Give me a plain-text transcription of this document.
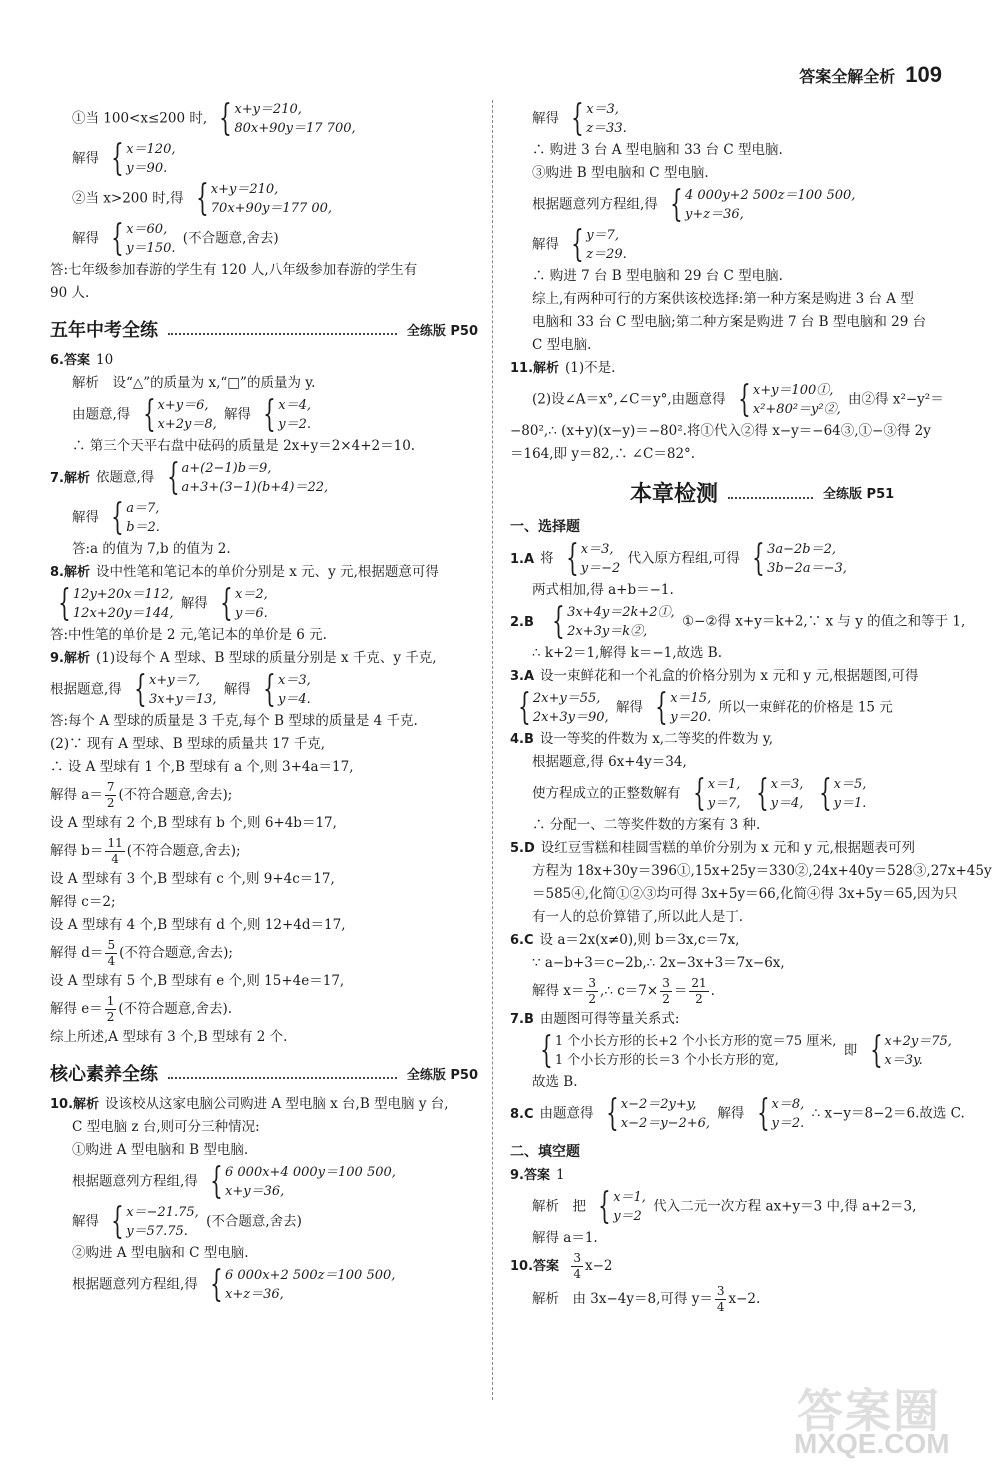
答案全解全析 109
①当 100<x≤200 时, { x+y＝210,
80x+90y＝17 700,
解得 { x＝120,
y＝90.
②当 x>200 时,得 { x+y＝210,
70x+90y＝177 00,
解得 { x＝60,
y＝150.
(不合题意,舍去)
答:七年级参加春游的学生有 120 人,八年级参加春游的学生有
90 人.
五年中考全练	全练版 P50
6.答案 10
解析　设“△”的质量为 x,“□”的质量为 y.
由题意,得 { x+y＝6,
x+2y＝8,
解得 { x＝4,
y＝2.
∴ 第三个天平右盘中砝码的质量是 2x+y＝2×4+2＝10.
7.解析 依题意,得 { a+(2−1)b＝9,
a+3+(3−1)(b+4)＝22,
解得 { a＝7,
b＝2.
答:a 的值为 7,b 的值为 2.
8.解析 设中性笔和笔记本的单价分别是 x 元、y 元,根据题意可得
{ 12y+20x＝112,
12x+20y＝144,
解得 { x＝2,
y＝6.
答:中性笔的单价是 2 元,笔记本的单价是 6 元.
9.解析 (1)设每个 A 型球、B 型球的质量分别是 x 千克、y 千克,
根据题意,得 { x+y＝7,
3x+y＝13,
解得 { x＝3,
y＝4.
答:每个 A 型球的质量是 3 千克,每个 B 型球的质量是 4 千克.
(2)∵ 现有 A 型球、B 型球的质量共 17 千克,
∴ 设 A 型球有 1 个,B 型球有 a 个,则 3+4a＝17,
解得 $a= \frac{7}{2}$ (不符合题意,舍去);
设 A 型球有 2 个,B 型球有 b 个,则 6+4b＝17,
解得 $b= \frac{11}{4}$ (不符合题意,舍去);
设 A 型球有 3 个,B 型球有 c 个,则 9+4c＝17,
解得 c＝2;
设 A 型球有 4 个,B 型球有 d 个,则 12+4d＝17,
解得 $d= \frac{5}{4}$ (不符合题意,舍去);
设 A 型球有 5 个,B 型球有 e 个,则 15+4e＝17,
解得 $e= \frac{1}{2}$ (不符合题意,舍去).
综上所述,A 型球有 3 个,B 型球有 2 个.
核心素养全练	全练版 P50
10.解析 设该校从这家电脑公司购进 A 型电脑 x 台,B 型电脑 y 台,
C 型电脑 z 台,则可分三种情况:
①购进 A 型电脑和 B 型电脑.
根据题意列方程组,得 { 6 000x+4 000y＝100 500,
x+y＝36,
解得 { x＝−21.75,
y＝57.75.
(不合题意,舍去)
②购进 A 型电脑和 C 型电脑.
根据题意列方程组,得 { 6 000x+2 500z＝100 500,
x+z＝36,
解得 { x＝3,
z＝33.
∴ 购进 3 台 A 型电脑和 33 台 C 型电脑.
③购进 B 型电脑和 C 型电脑.
根据题意列方程组,得 { 4 000y+2 500z＝100 500,
y+z＝36,
解得 { y＝7,
z＝29.
∴ 购进 7 台 B 型电脑和 29 台 C 型电脑.
综上,有两种可行的方案供该校选择:第一种方案是购进 3 台 A 型
电脑和 33 台 C 型电脑;第二种方案是购进 7 台 B 型电脑和 29 台
C 型电脑.
11.解析 (1)不是.
(2)设∠A＝x°,∠C＝y°,由题意得 { x+y＝100①,
x²+80²＝y²②,
由②得 x²−y²＝
−80²,∴ (x+y)(x−y)＝−80².将①代入②得 x−y＝−64③,①−③得 2y
＝164,即 y＝82,∴ ∠C＝82°.
本章检测	全练版 P51
一、选择题
1.A 将 { x＝3,
y＝−2
代入原方程组,可得 { 3a−2b＝2,
3b−2a＝−3,
两式相加,得 a+b＝−1.
2.B { 3x+4y＝2k+2①,
2x+3y＝k②,
①−②得 x+y＝k+2,∵ x 与 y 的值之和等于 1,
∴ k+2＝1,解得 k＝−1,故选 B.
3.A 设一束鲜花和一个礼盒的价格分别为 x 元和 y 元,根据题图,可得
{ 2x+y＝55,
2x+3y＝90,
解得 { x＝15,
y＝20.
所以一束鲜花的价格是 15 元
4.B 设一等奖的件数为 x,二等奖的件数为 y,
根据题意,得 6x+4y＝34,
使方程成立的正整数解有 { x＝1,
y＝7,
{ x＝3,
y＝4,
{ x＝5,
y＝1.
∴ 分配一、二等奖件数的方案有 3 种.
5.D 设红豆雪糕和桂圆雪糕的单价分别为 x 元和 y 元,根据题表可列
方程为 18x+30y＝396①,15x+25y＝330②,24x+40y＝528③,27x+45y
＝585④,化简①②③均可得 3x+5y＝66,化简④得 3x+5y＝65,因为只
有一人的总价算错了,所以此人是丁.
6.C 设 a＝2x(x≠0),则 b＝3x,c＝7x,
∵ a−b+3＝c−2b,∴ 2x−3x+3＝7x−6x,
解得 $x= \frac{3}{2}$ ,∴ $c=7\times \frac{3}{2} = \frac{21}{2}$ .
7.B 由题图可得等量关系式:
{ 1 个小长方形的长+2 个小长方形的宽＝75 厘米,
1 个小长方形的长＝3 个小长方形的宽,
即 { x+2y＝75,
x＝3y.
故选 B.
8.C 由题意得 { x−2＝2y+y,
x−2＝y−2+6,
解得 { x＝8,
y＝2.
∴ x−y＝8−2＝6.故选 C.
二、填空题
9.答案 1
解析　把 { x＝1,
y＝2
代入二元一次方程 ax+y＝3 中,得 a+2＝3,
解得 a＝1.
10.答案 $\frac{3}{4} x-2$
解析　由 3x−4y＝8,可得 $y= \frac{3}{4} x-2$.
答案圈
MXQE.COM
